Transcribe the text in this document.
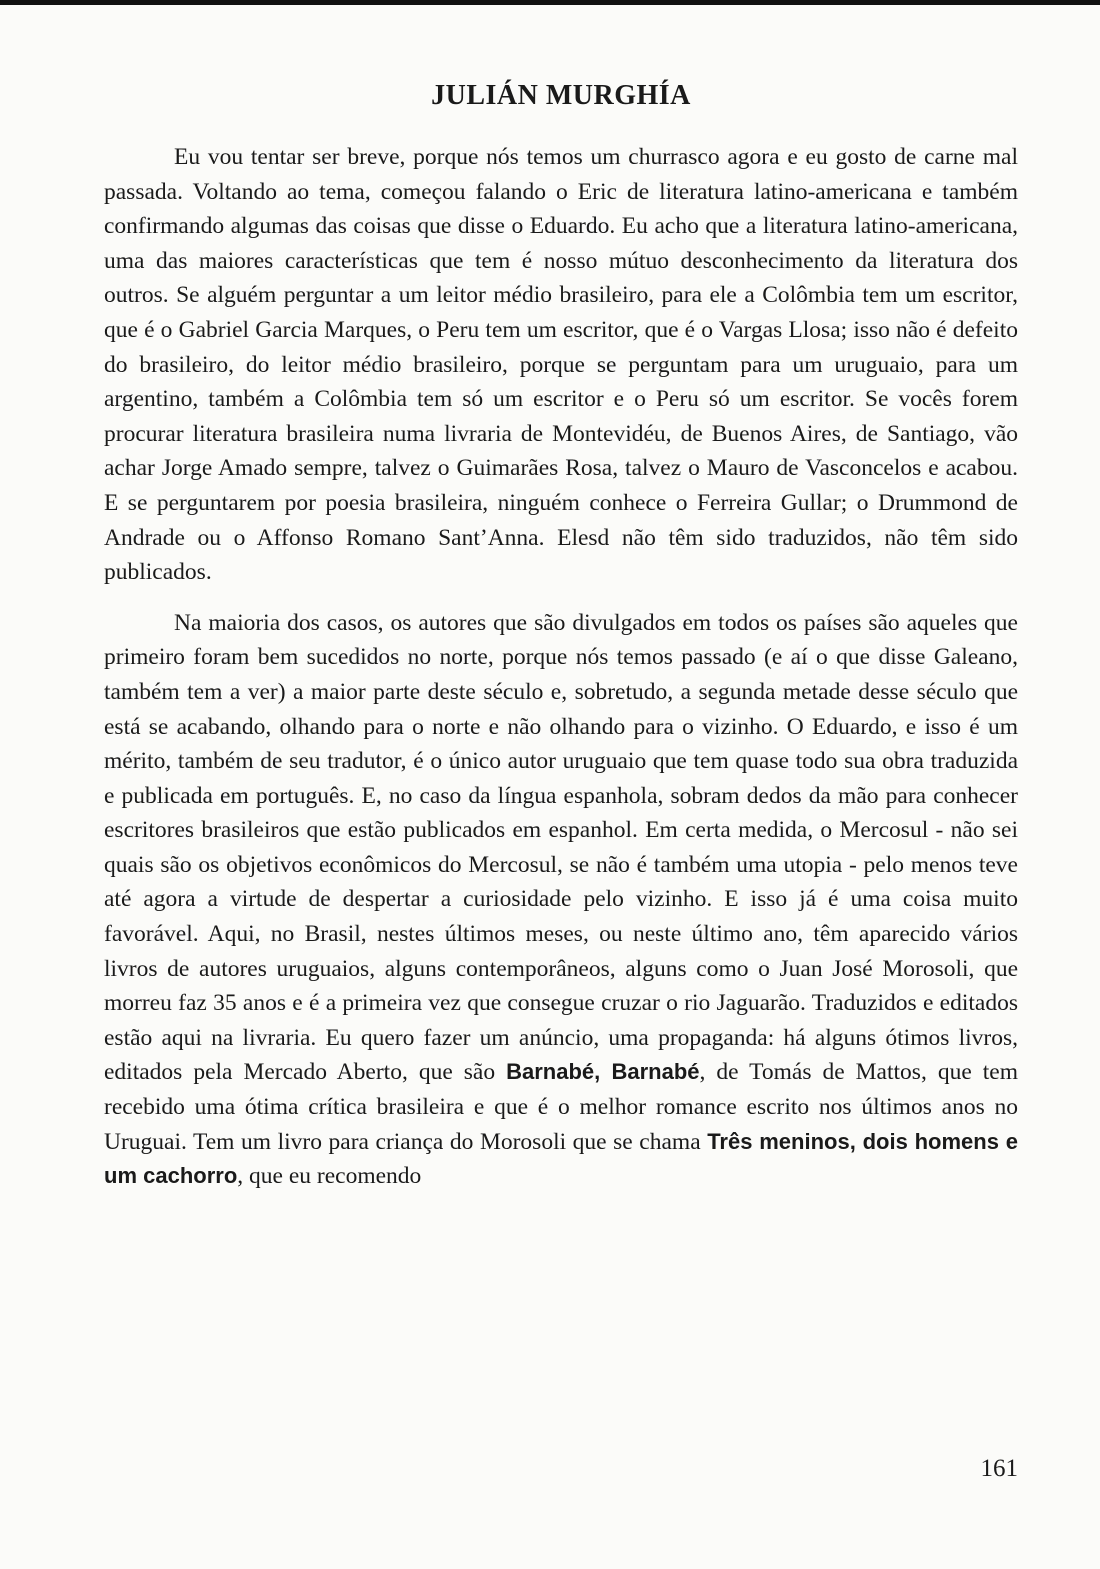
JULIÁN MURGHÍA

Eu vou tentar ser breve, porque nós temos um churrasco agora e eu gosto de carne mal passada. Voltando ao tema, começou falando o Eric de literatura latino-americana e também confirmando algumas das coisas que disse o Eduardo. Eu acho que a literatura latino-americana, uma das maiores características que tem é nosso mútuo desconhecimento da literatura dos outros. Se alguém perguntar a um leitor médio brasileiro, para ele a Colômbia tem um escritor, que é o Gabriel Garcia Marques, o Peru tem um escritor, que é o Vargas Llosa; isso não é defeito do brasileiro, do leitor médio brasileiro, porque se perguntam para um uruguaio, para um argentino, também a Colômbia tem só um escritor e o Peru só um escritor. Se vocês forem procurar literatura brasileira numa livraria de Montevidéu, de Buenos Aires, de Santiago, vão achar Jorge Amado sempre, talvez o Guimarães Rosa, talvez o Mauro de Vasconcelos e acabou. E se perguntarem por poesia brasileira, ninguém conhece o Ferreira Gullar; o Drummond de Andrade ou o Affonso Romano Sant’Anna. Elesd não têm sido traduzidos, não têm sido publicados.

Na maioria dos casos, os autores que são divulgados em todos os países são aqueles que primeiro foram bem sucedidos no norte, porque nós temos passado (e aí o que disse Galeano, também tem a ver) a maior parte deste século e, sobretudo, a segunda metade desse século que está se acabando, olhando para o norte e não olhando para o vizinho. O Eduardo, e isso é um mérito, também de seu tradutor, é o único autor uruguaio que tem quase todo sua obra traduzida e publicada em português. E, no caso da língua espanhola, sobram dedos da mão para conhecer escritores brasileiros que estão publicados em espanhol. Em certa medida, o Mercosul - não sei quais são os objetivos econômicos do Mercosul, se não é também uma utopia - pelo menos teve até agora a virtude de despertar a curiosidade pelo vizinho. E isso já é uma coisa muito favorável. Aqui, no Brasil, nestes últimos meses, ou neste último ano, têm aparecido vários livros de autores uruguaios, alguns contemporâneos, alguns como o Juan José Morosoli, que morreu faz 35 anos e é a primeira vez que consegue cruzar o rio Jaguarão. Traduzidos e editados estão aqui na livraria. Eu quero fazer um anúncio, uma propaganda: há alguns ótimos livros, editados pela Mercado Aberto, que são Barnabé, Barnabé, de Tomás de Mattos, que tem recebido uma ótima crítica brasileira e que é o melhor romance escrito nos últimos anos no Uruguai. Tem um livro para criança do Morosoli que se chama Três meninos, dois homens e um cachorro, que eu recomendo

161
